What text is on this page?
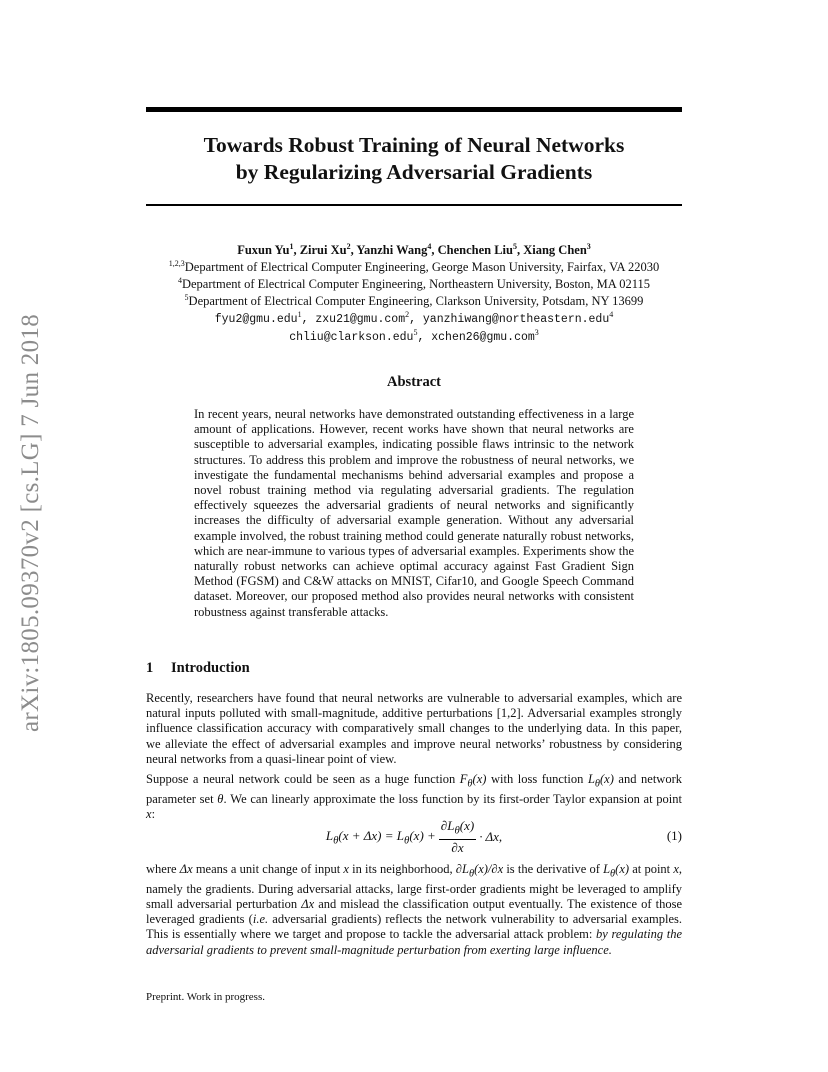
arXiv:1805.09370v2 [cs.LG] 7 Jun 2018
Towards Robust Training of Neural Networks
by Regularizing Adversarial Gradients
Fuxun Yu$^1$, Zirui Xu$^2$, Yanzhi Wang$^4$, Chenchen Liu$^5$, Xiang Chen$^3$
$^{1,2,3}$Department of Electrical Computer Engineering, George Mason University, Fairfax, VA 22030
$^4$Department of Electrical Computer Engineering, Northeastern University, Boston, MA 02115
$^5$Department of Electrical Computer Engineering, Clarkson University, Potsdam, NY 13699
fyu2@gmu.edu$^1$, zxu21@gmu.com$^2$, yanzhiwang@northeastern.edu$^4$
chliu@clarkson.edu$^5$, xchen26@gmu.com$^3$
Abstract

In recent years, neural networks have demonstrated outstanding effectiveness in a large amount of applications. However, recent works have shown that neural networks are susceptible to adversarial examples, indicating possible flaws intrinsic to the network structures. To address this problem and improve the robustness of neural networks, we investigate the fundamental mechanisms behind adversarial examples and propose a novel robust training method via regulating adversarial gradients. The regulation effectively squeezes the adversarial gradients of neural networks and significantly increases the difficulty of adversarial example generation. Without any adversarial example involved, the robust training method could generate naturally robust networks, which are near-immune to various types of adversarial examples. Experiments show the naturally robust networks can achieve optimal accuracy against Fast Gradient Sign Method (FGSM) and C&W attacks on MNIST, Cifar10, and Google Speech Command dataset. Moreover, our proposed method also provides neural networks with consistent robustness against transferable attacks.

1 Introduction

Recently, researchers have found that neural networks are vulnerable to adversarial examples, which are natural inputs polluted with small-magnitude, additive perturbations [1,2]. Adversarial examples strongly influence classification accuracy with comparatively small changes to the underlying data. In this paper, we alleviate the effect of adversarial examples and improve neural networks’ robustness by considering neural networks from a quasi-linear point of view.

Suppose a neural network could be seen as a huge function $F_\theta(x)$ with loss function $L_\theta(x)$ and network parameter set θ. We can linearly approximate the loss function by its first-order Taylor expansion at point x:

$L_\theta(x + \Delta x) = L_\theta(x) + \frac{\partial L_\theta(x)}{\partial x} \cdot \Delta x$,	(1)

where Δx means a unit change of input x in its neighborhood, $\partial L_\theta(x)/\partial x$ is the derivative of $L_\theta(x)$ at point x, namely the gradients. During adversarial attacks, large first-order gradients might be leveraged to amplify small adversarial perturbation Δx and mislead the classification output eventually. The existence of those leveraged gradients (i.e. adversarial gradients) reflects the network vulnerability to adversarial examples. This is essentially where we target and propose to tackle the adversarial attack problem: by regulating the adversarial gradients to prevent small-magnitude perturbation from exerting large influence.

Preprint. Work in progress.
